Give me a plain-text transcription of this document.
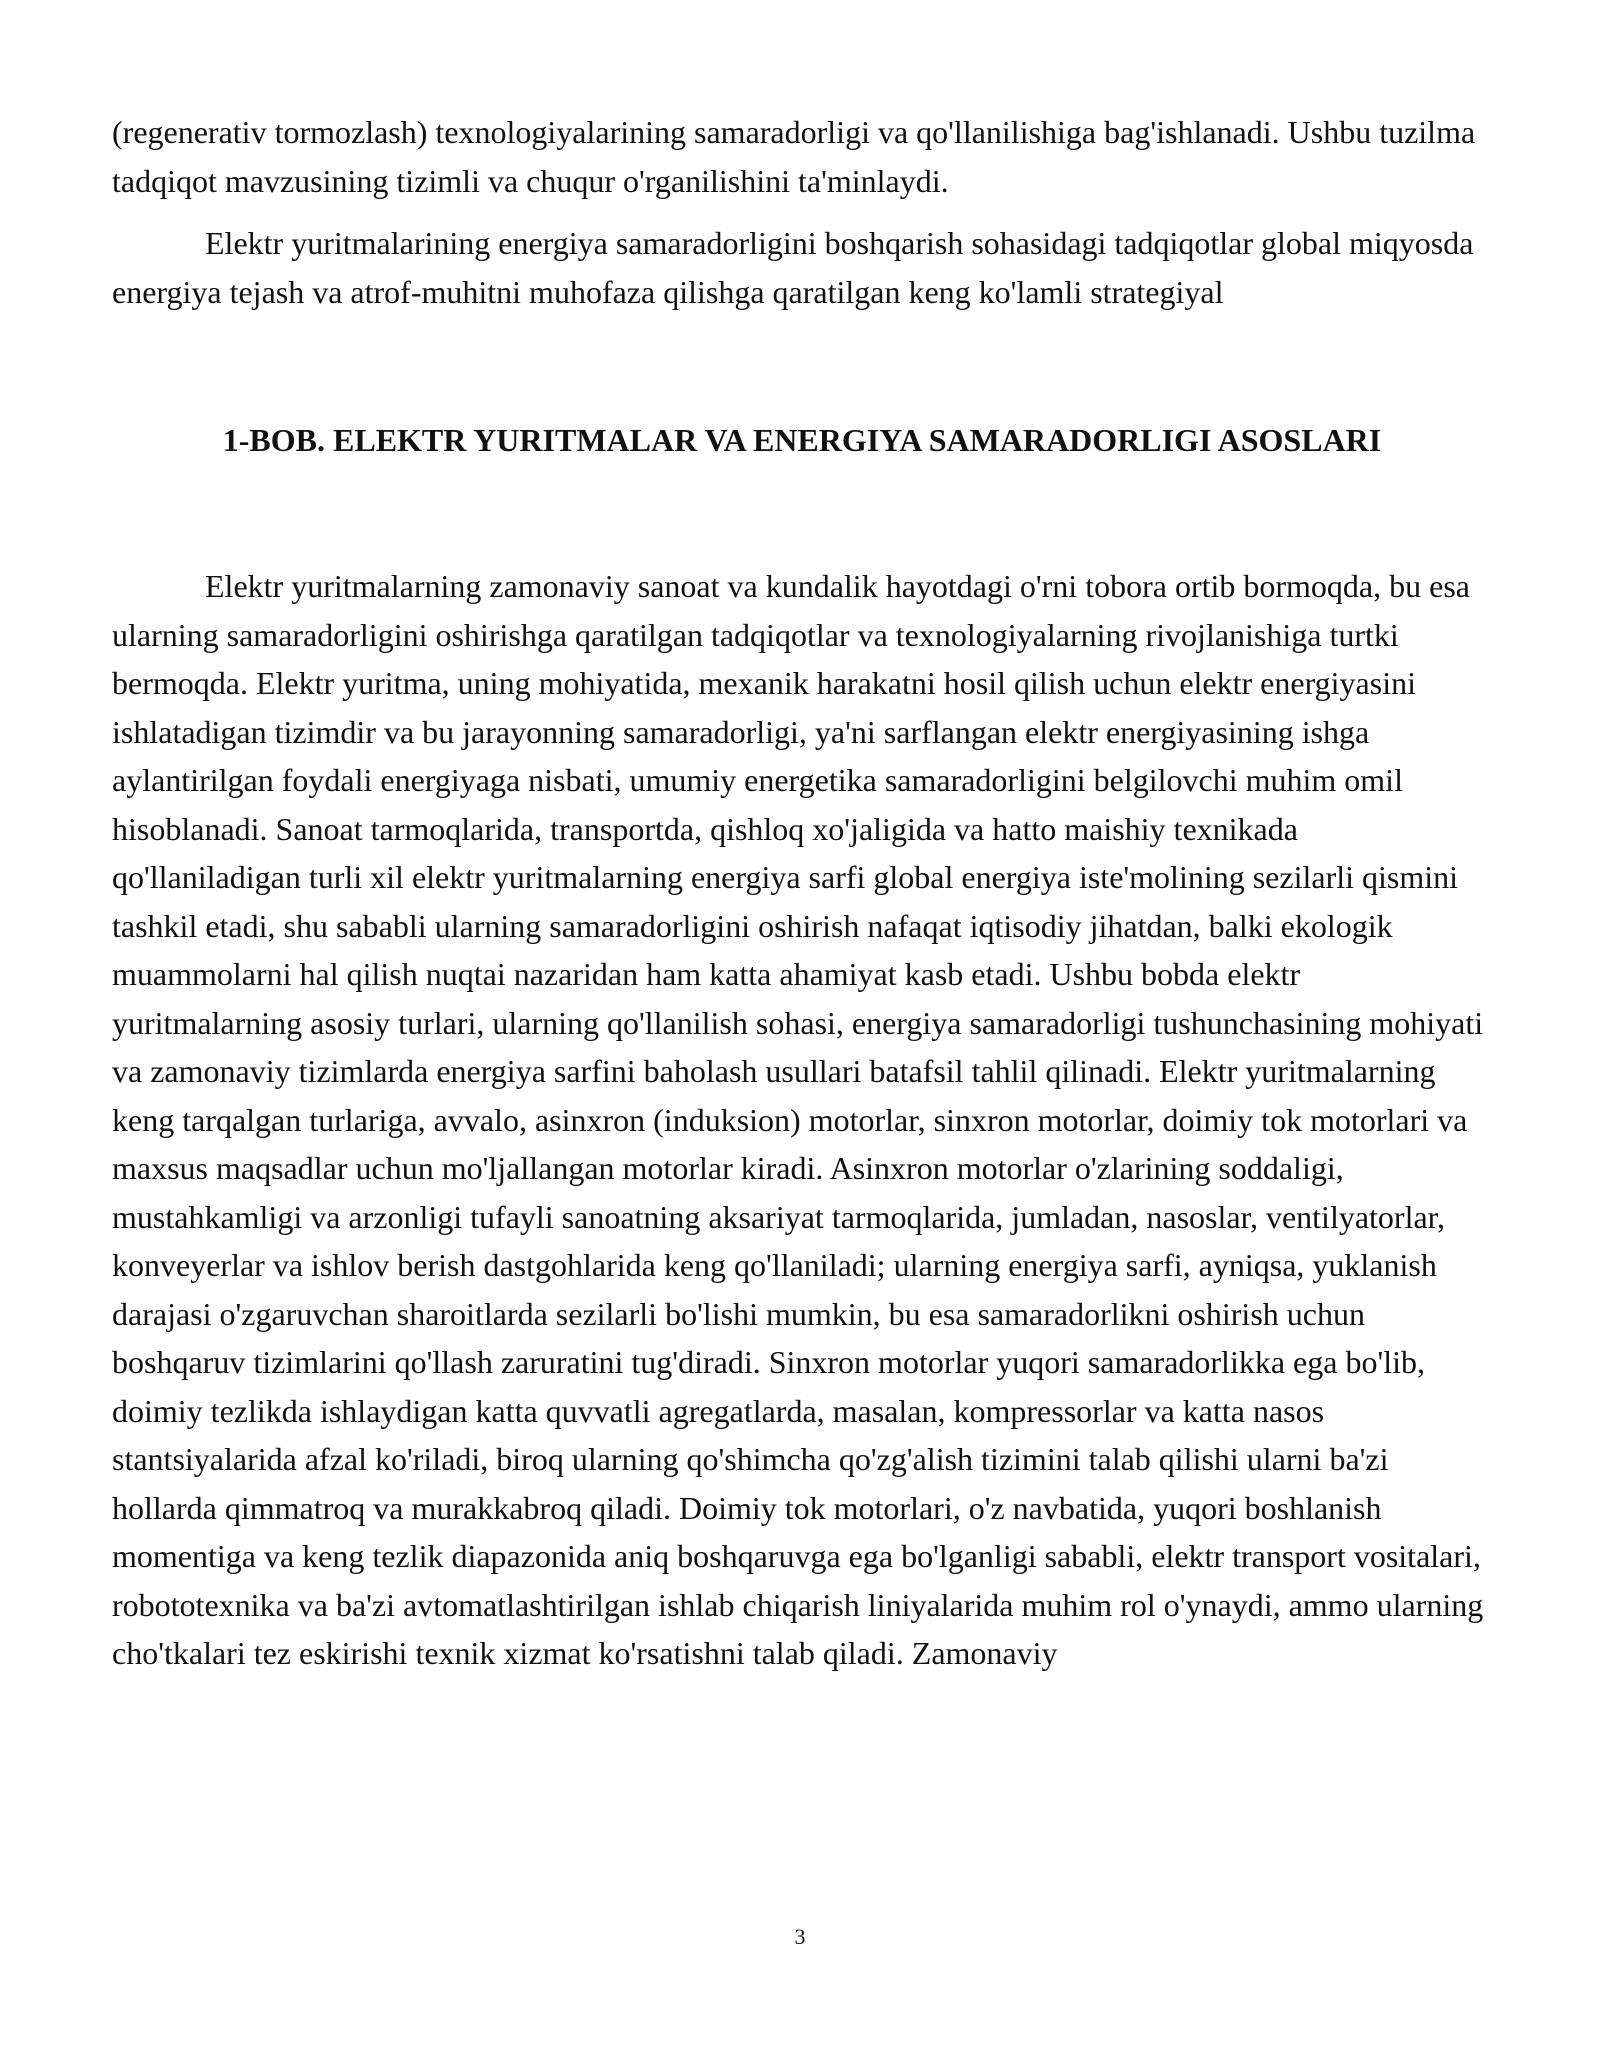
(regenerativ tormozlash) texnologiyalarining samaradorligi va qo'llanilishiga bag'ishlanadi. Ushbu tuzilma tadqiqot mavzusining tizimli va chuqur o'rganilishini ta'minlaydi.

Elektr yuritmalarining energiya samaradorligini boshqarish sohasidagi tadqiqotlar global miqyosda energiya tejash va atrof-muhitni muhofaza qilishga qaratilgan keng ko'lamli strategiyal

1-BOB. ELEKTR YURITMALAR VA ENERGIYA SAMARADORLIGI ASOSLARI

Elektr yuritmalarning zamonaviy sanoat va kundalik hayotdagi o'rni tobora ortib bormoqda, bu esa ularning samaradorligini oshirishga qaratilgan tadqiqotlar va texnologiyalarning rivojlanishiga turtki bermoqda. Elektr yuritma, uning mohiyatida, mexanik harakatni hosil qilish uchun elektr energiyasini ishlatadigan tizimdir va bu jarayonning samaradorligi, ya'ni sarflangan elektr energiyasining ishga aylantirilgan foydali energiyaga nisbati, umumiy energetika samaradorligini belgilovchi muhim omil hisoblanadi. Sanoat tarmoqlarida, transportda, qishloq xo'jaligida va hatto maishiy texnikada qo'llaniladigan turli xil elektr yuritmalarning energiya sarfi global energiya iste'molining sezilarli qismini tashkil etadi, shu sababli ularning samaradorligini oshirish nafaqat iqtisodiy jihatdan, balki ekologik muammolarni hal qilish nuqtai nazaridan ham katta ahamiyat kasb etadi. Ushbu bobda elektr yuritmalarning asosiy turlari, ularning qo'llanilish sohasi, energiya samaradorligi tushunchasining mohiyati va zamonaviy tizimlarda energiya sarfini baholash usullari batafsil tahlil qilinadi. Elektr yuritmalarning keng tarqalgan turlariga, avvalo, asinxron (induksion) motorlar, sinxron motorlar, doimiy tok motorlari va maxsus maqsadlar uchun mo'ljallangan motorlar kiradi. Asinxron motorlar o'zlarining soddaligi, mustahkamligi va arzonligi tufayli sanoatning aksariyat tarmoqlarida, jumladan, nasoslar, ventilyatorlar, konveyerlar va ishlov berish dastgohlarida keng qo'llaniladi; ularning energiya sarfi, ayniqsa, yuklanish darajasi o'zgaruvchan sharoitlarda sezilarli bo'lishi mumkin, bu esa samaradorlikni oshirish uchun boshqaruv tizimlarini qo'llash zaruratini tug'diradi. Sinxron motorlar yuqori samaradorlikka ega bo'lib, doimiy tezlikda ishlaydigan katta quvvatli agregatlarda, masalan, kompressorlar va katta nasos stantsiyalarida afzal ko'riladi, biroq ularning qo'shimcha qo'zg'alish tizimini talab qilishi ularni ba'zi hollarda qimmatroq va murakkabroq qiladi. Doimiy tok motorlari, o'z navbatida, yuqori boshlanish momentiga va keng tezlik diapazonida aniq boshqaruvga ega bo'lganligi sababli, elektr transport vositalari, robototexnika va ba'zi avtomatlashtirilgan ishlab chiqarish liniyalarida muhim rol o'ynaydi, ammo ularning cho'tkalari tez eskirishi texnik xizmat ko'rsatishni talab qiladi. Zamonaviy

3
